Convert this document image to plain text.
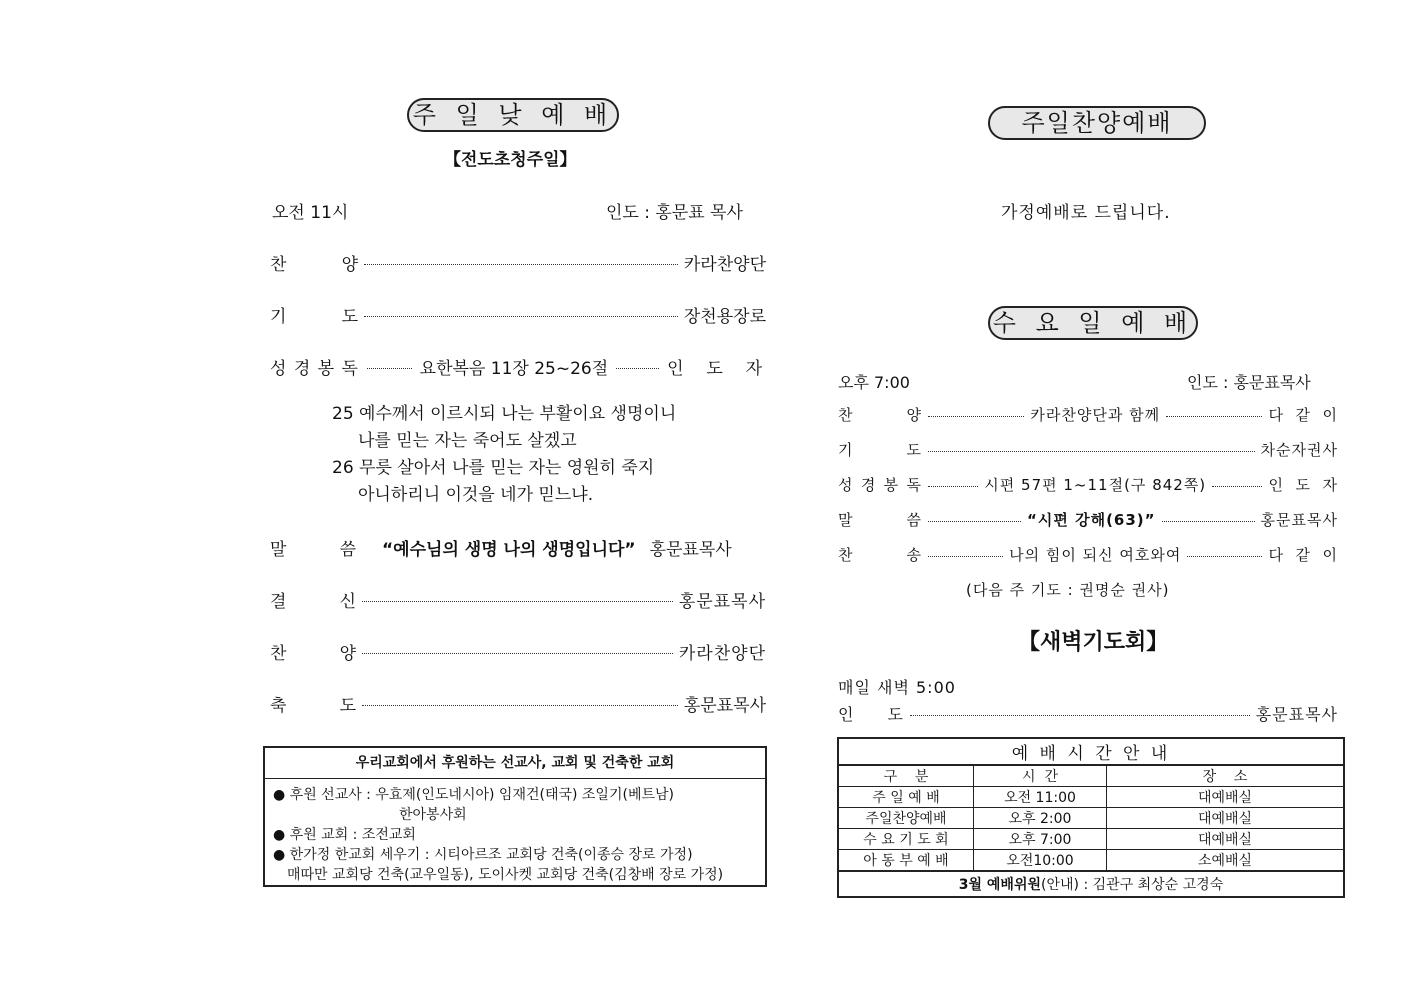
주 일 낮 예 배
【전도초청주일】
오전 11시	인도 : 홍문표 목사
찬	양	카라찬양단
기	도	장천용장로
성 경 봉 독	요한복음 11장 25~26절	인  도  자
25 예수께서 이르시되 나는 부활이요 생명이니
나를 믿는 자는 죽어도 살겠고
26 무릇 살아서 나를 믿는 자는 영원히 죽지
아니하리니 이것을 네가 믿느냐.
말	씀 “예수님의 생명 나의 생명입니다” 홍문표목사
결	신	홍문표목사
찬	양	카라찬양단
축	도	홍문표목사
우리교회에서 후원하는 선교사, 교회 및 건축한 교회
● 후원 선교사 : 우효제(인도네시아) 임재건(태국) 조일기(베트남)
한아봉사회
● 후원 교회 : 조전교회
● 한가정 한교회 세우기 : 시티아르조 교회당 건축(이종승 장로 가정)
매따만 교회당 건축(교우일동), 도이사켓 교회당 건축(김창배 장로 가정)
주일찬양예배
가정예배로 드립니다.
수 요 일 예 배
오후 7:00	인도 : 홍문표목사
찬	양	카라찬양단과 함께	다  같  이
기	도	차순자권사
성 경 봉 독	시편 57편 1~11절(구 842쪽)	인  도  자
말	씀	“시편 강해(63)”	홍문표목사
찬	송	나의 힘이 되신 여호와여	다  같  이
(다음 주 기도 : 권명순 권사)
【새벽기도회】
매일 새벽 5:00
인 도	홍문표목사
예 배 시 간 안 내		
구    분	시  간	장    소
주 일 예 배	오전 11:00	대예배실
주일찬양예배	오후 2:00	대예배실
수 요 기 도 회	오후 7:00	대예배실
아 동 부 예 배	오전10:00	소예배실
3월 예배위원(안내) : 김관구 최상순 고경숙		
